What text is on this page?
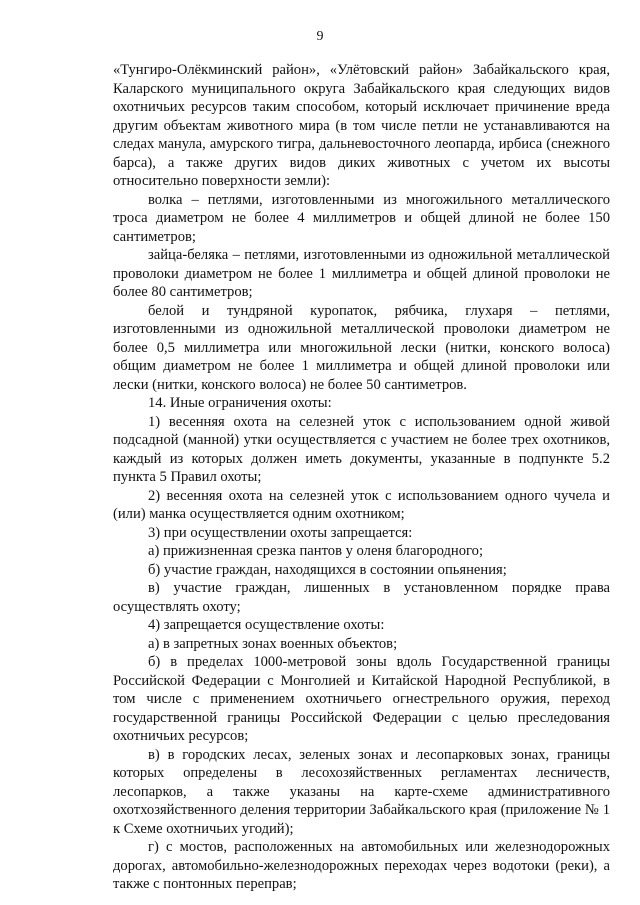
9

«Тунгиро-Олёкминский район», «Улётовский район» Забайкальского края, Каларского муниципального округа Забайкальского края следующих видов охотничьих ресурсов таким способом, который исключает причинение вреда другим объектам животного мира (в том числе петли не устанавливаются на следах манула, амурского тигра, дальневосточного леопарда, ирбиса (снежного барса), а также других видов диких животных с учетом их высоты относительно поверхности земли):

волка – петлями, изготовленными из многожильного металлического троса диаметром не более 4 миллиметров и общей длиной не более 150 сантиметров;

зайца-беляка – петлями, изготовленными из одножильной металлической проволоки диаметром не более 1 миллиметра и общей длиной проволоки не более 80 сантиметров;

белой и тундряной куропаток, рябчика, глухаря – петлями, изготовленными из одножильной металлической проволоки диаметром не более 0,5 миллиметра или многожильной лески (нитки, конского волоса) общим диаметром не более 1 миллиметра и общей длиной проволоки или лески (нитки, конского волоса) не более 50 сантиметров.

14. Иные ограничения охоты:

1) весенняя охота на селезней уток с использованием одной живой подсадной (манной) утки осуществляется с участием не более трех охотников, каждый из которых должен иметь документы, указанные в подпункте 5.2 пункта 5 Правил охоты;

2) весенняя охота на селезней уток с использованием одного чучела и (или) манка осуществляется одним охотником;

3) при осуществлении охоты запрещается:

а) прижизненная срезка пантов у оленя благородного;

б) участие граждан, находящихся в состоянии опьянения;

в) участие граждан, лишенных в установленном порядке права осуществлять охоту;

4) запрещается осуществление охоты:

а) в запретных зонах военных объектов;

б) в пределах 1000-метровой зоны вдоль Государственной границы Российской Федерации с Монголией и Китайской Народной Республикой, в том числе с применением охотничьего огнестрельного оружия, переход государственной границы Российской Федерации с целью преследования охотничьих ресурсов;

в) в городских лесах, зеленых зонах и лесопарковых зонах, границы которых определены в лесохозяйственных регламентах лесничеств, лесопарков, а также указаны на карте-схеме административного охотхозяйственного деления территории Забайкальского края (приложение № 1 к Схеме охотничьих угодий);

г) с мостов, расположенных на автомобильных или железнодорожных дорогах, автомобильно-железнодорожных переходах через водотоки (реки), а также с понтонных переправ;
